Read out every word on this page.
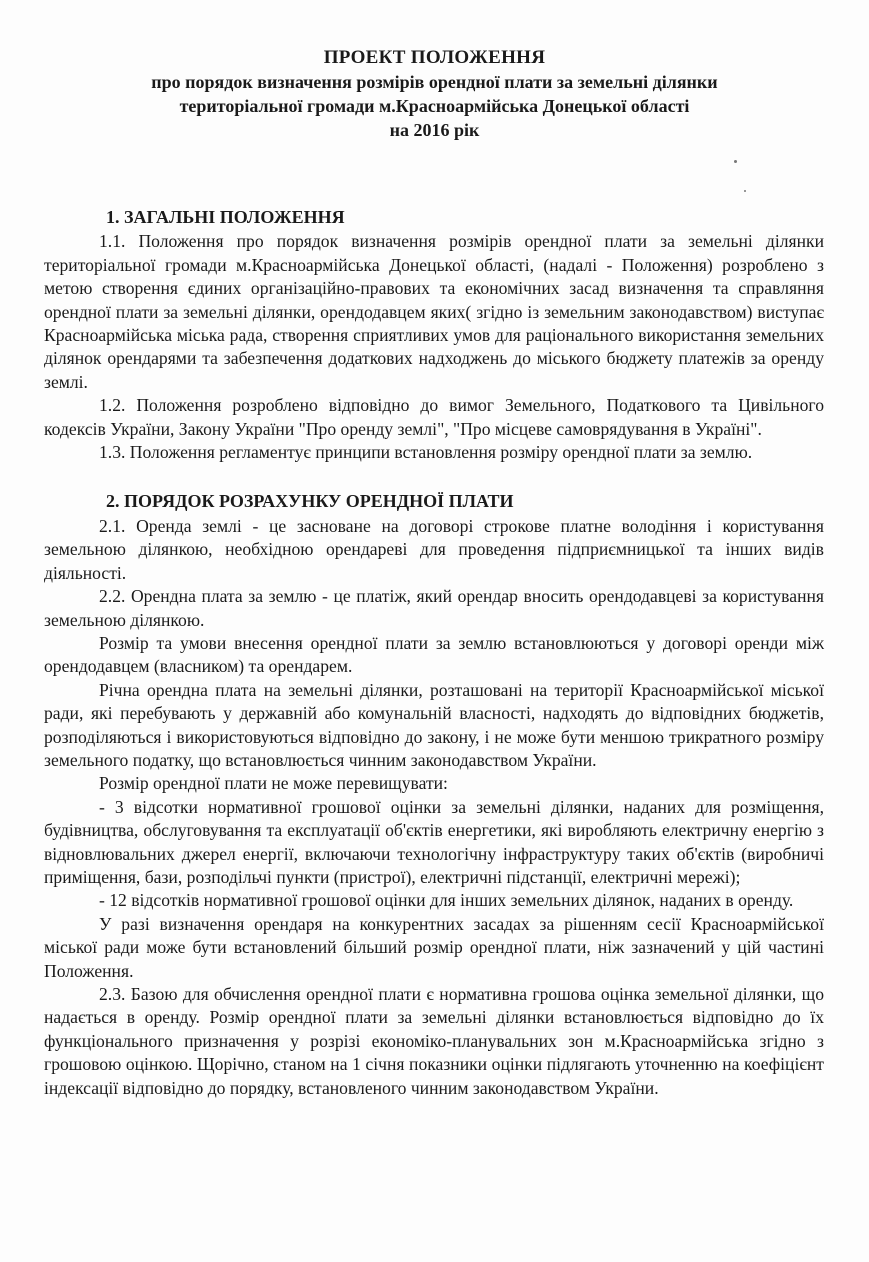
ПРОЕКТ ПОЛОЖЕННЯ
про порядок визначення розмірів орендної плати за земельні ділянки
територіальної громади м.Красноармійська Донецької області
на 2016 рік
1. ЗАГАЛЬНІ ПОЛОЖЕННЯ

1.1. Положення про порядок визначення розмірів орендної плати за земельні ділянки територіальної громади м.Красноармійська Донецької області, (надалі - Положення) розроблено з метою створення єдиних організаційно-правових та економічних засад визначення та справляння орендної плати за земельні ділянки, орендодавцем яких( згідно із земельним законодавством) виступає Красноармійська міська рада, створення сприятливих умов для раціонального використання земельних ділянок орендарями та забезпечення додаткових надходжень до міського бюджету платежів за оренду землі.

1.2. Положення розроблено відповідно до вимог Земельного, Податкового та Цивільного кодексів України, Закону України "Про оренду землі", "Про місцеве самоврядування в Україні".

1.3. Положення регламентує принципи встановлення розміру орендної плати за землю.

2. ПОРЯДОК РОЗРАХУНКУ ОРЕНДНОЇ ПЛАТИ

2.1. Оренда землі - це засноване на договорі строкове платне володіння і користування земельною ділянкою, необхідною орендареві для проведення підприємницької та інших видів діяльності.

2.2. Орендна плата за землю - це платіж, який орендар вносить орендодавцеві за користування земельною ділянкою.

Розмір та умови внесення орендної плати за землю встановлюються у договорі оренди між орендодавцем (власником) та орендарем.

Річна орендна плата на земельні ділянки, розташовані на території Красноармійської міської ради, які перебувають у державній або комунальній власності, надходять до відповідних бюджетів, розподіляються і використовуються відповідно до закону, і не може бути меншою трикратного розміру земельного податку, що встановлюється чинним законодавством України.

Розмір орендної плати не може перевищувати:

- 3 відсотки нормативної грошової оцінки за земельні ділянки, наданих для розміщення, будівництва, обслуговування та експлуатації об'єктів енергетики, які виробляють електричну енергію з відновлювальних джерел енергії, включаючи технологічну інфраструктуру таких об'єктів (виробничі приміщення, бази, розподільчі пункти (пристрої), електричні підстанції, електричні мережі);

- 12 відсотків нормативної грошової оцінки для інших земельних ділянок, наданих в оренду.

У разі визначення орендаря на конкурентних засадах за рішенням сесії Красноармійської міської ради може бути встановлений більший розмір орендної плати, ніж зазначений у цій частині Положення.

2.3. Базою для обчислення орендної плати є нормативна грошова оцінка земельної ділянки, що надається в оренду. Розмір орендної плати за земельні ділянки встановлюється відповідно до їх функціонального призначення у розрізі економіко-планувальних зон м.Красноармійська згідно з грошовою оцінкою. Щорічно, станом на 1 січня показники оцінки підлягають уточненню на коефіцієнт індексації відповідно до порядку, встановленого чинним законодавством України.
